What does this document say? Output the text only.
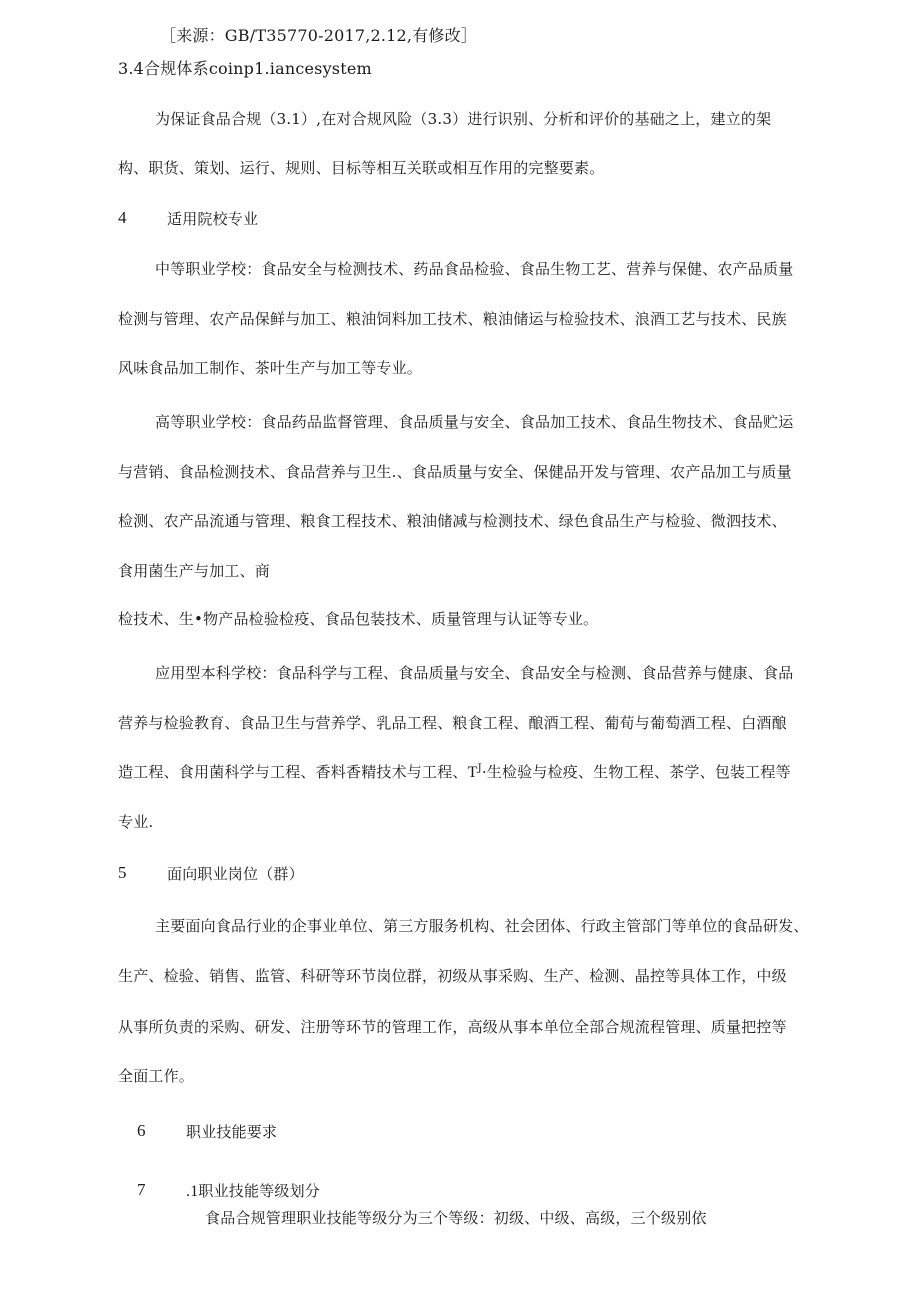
［来源：GB/T35770-2017,2.12,有修改］
3.4合规体系coinp1.iancesystem
为保证食品合规（3.1）,在对合规风险（3.3）进行识别、分析和评价的基础之上，建立的架
构、职货、策划、运行、规则、目标等相互关联或相互作用的完整要素。
4	适用院校专业
中等职业学校：食品安全与检测技术、药品食品检验、食品生物工艺、营养与保健、农产品质量
检测与管理、农产品保鲜与加工、粮油饲料加工技术、粮油储运与检验技术、浪酒工艺与技术、民族
风味食品加工制作、茶叶生产与加工等专业。
高等职业学校：食品药品监督管理、食品质量与安全、食品加工技术、食品生物技术、食品贮运
与营销、食品检测技术、食品营养与卫生.、食品质量与安全、保健品开发与管理、农产品加工与质量
检测、农产品流通与管理、粮食工程技术、粮油储减与检测技术、绿色食品生产与检验、微泗技术、
食用菌生产与加工、商
检技术、生•物产品检验检疫、食品包装技术、质量管理与认证等专业。
应用型本科学校：食品科学与工程、食品质量与安全、食品安全与检测、食品营养与健康、食品
营养与检验教育、食品卫生与营养学、乳品工程、粮食工程、酿酒工程、葡荀与葡萄酒工程、白酒酿
造工程、食用菌科学与工程、香料香精技术与工程、$T^J\cdot$生检验与检疫、生物工程、茶学、包装工程等
专业.
5	面向职业岗位（群）
主要面向食品行业的企事业单位、第三方服务机构、社会团体、行政主管部门等单位的食品研发、
生产、检验、销售、监管、科研等环节岗位群，初级从事采购、生产、检测、晶控等具体工作，中级
从事所负责的采购、研发、注册等环节的管理工作，高级从事本单位全部合规流程管理、质量把控等
全面工作。
6	职业技能要求
7	.1职业技能等级划分
食品合规管理职业技能等级分为三个等级：初级、中级、高级，三个级别依
